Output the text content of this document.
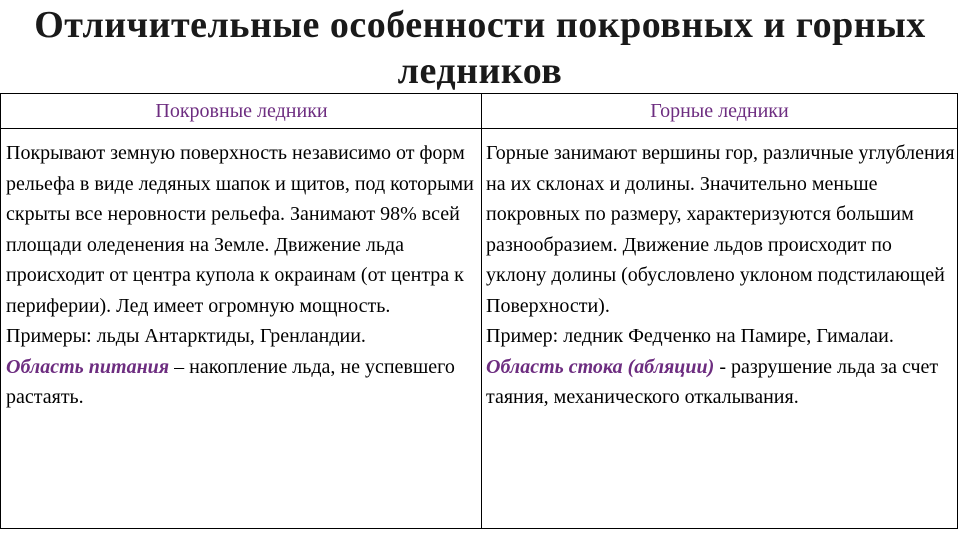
Отличительные особенности покровных и горных
ледников
Покровные ледники	Горные ледники

Покрывают земную поверхность независимо от форм рельефа в виде ледяных шапок и щитов, под которыми скрыты все неровности рельефа. Занимают 98% всей площади оледенения на Земле. Движение льда происходит от центра купола к окраинам (от центра к периферии). Лед имеет огромную мощность.

Примеры: льды Антарктиды, Гренландии.

Область питания – накопление льда, не успевшего растаять.

Горные занимают вершины гор, различные углубления на их склонах и долины. Значительно меньше покровных по размеру, характеризуются большим разнообразием. Движение льдов происходит по уклону долины (обусловлено уклоном подстилающей

Поверхности).

Пример: ледник Федченко на Памире, Гималаи.

Область стока (абляции) - разрушение льда за счет таяния, механического откалывания.
